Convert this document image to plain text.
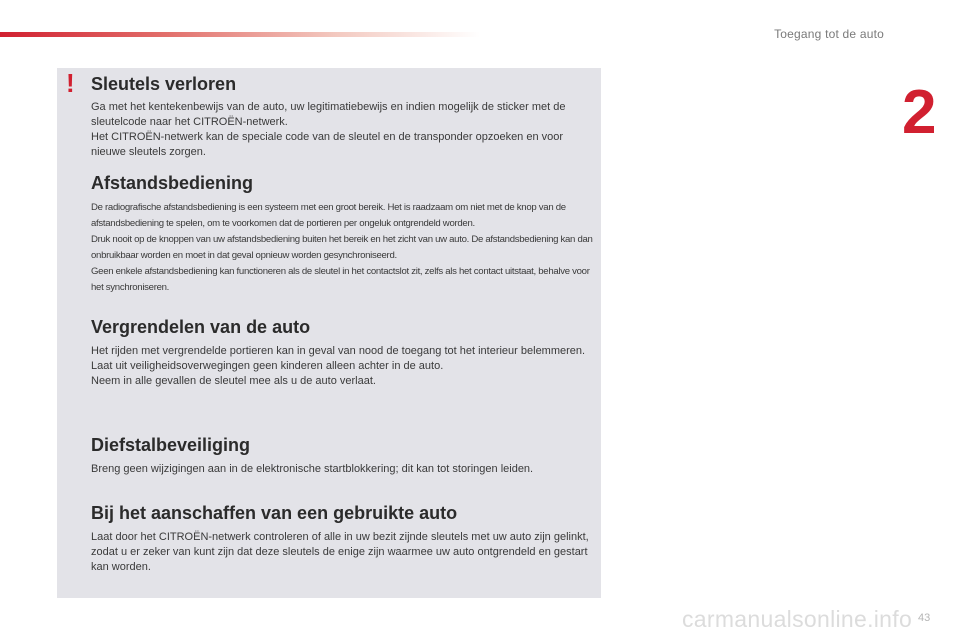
Toegang tot de auto
2
! Sleutels verloren

Ga met het kentekenbewijs van de auto, uw legitimatiebewijs en indien mogelijk de sticker met de sleutelcode naar het CITROËN-netwerk.
Het CITROËN-netwerk kan de speciale code van de sleutel en de transponder opzoeken en voor nieuwe sleutels zorgen.

Afstandsbediening

De radiografische afstandsbediening is een systeem met een groot bereik. Het is raadzaam om niet met de knop van de afstandsbediening te spelen, om te voorkomen dat de portieren per ongeluk ontgrendeld worden.
Druk nooit op de knoppen van uw afstandsbediening buiten het bereik en het zicht van uw auto. De afstandsbediening kan dan onbruikbaar worden en moet in dat geval opnieuw worden gesynchroniseerd.
Geen enkele afstandsbediening kan functioneren als de sleutel in het contactslot zit, zelfs als het contact uitstaat, behalve voor het synchroniseren.

Vergrendelen van de auto

Het rijden met vergrendelde portieren kan in geval van nood de toegang tot het interieur belemmeren.
Laat uit veiligheidsoverwegingen geen kinderen alleen achter in de auto.
Neem in alle gevallen de sleutel mee als u de auto verlaat.

Diefstalbeveiliging

Breng geen wijzigingen aan in de elektronische startblokkering; dit kan tot storingen leiden.

Bij het aanschaffen van een gebruikte auto

Laat door het CITROËN-netwerk controleren of alle in uw bezit zijnde sleutels met uw auto zijn gelinkt, zodat u er zeker van kunt zijn dat deze sleutels de enige zijn waarmee uw auto ontgrendeld en gestart kan worden.

carmanualsonline.info 43
